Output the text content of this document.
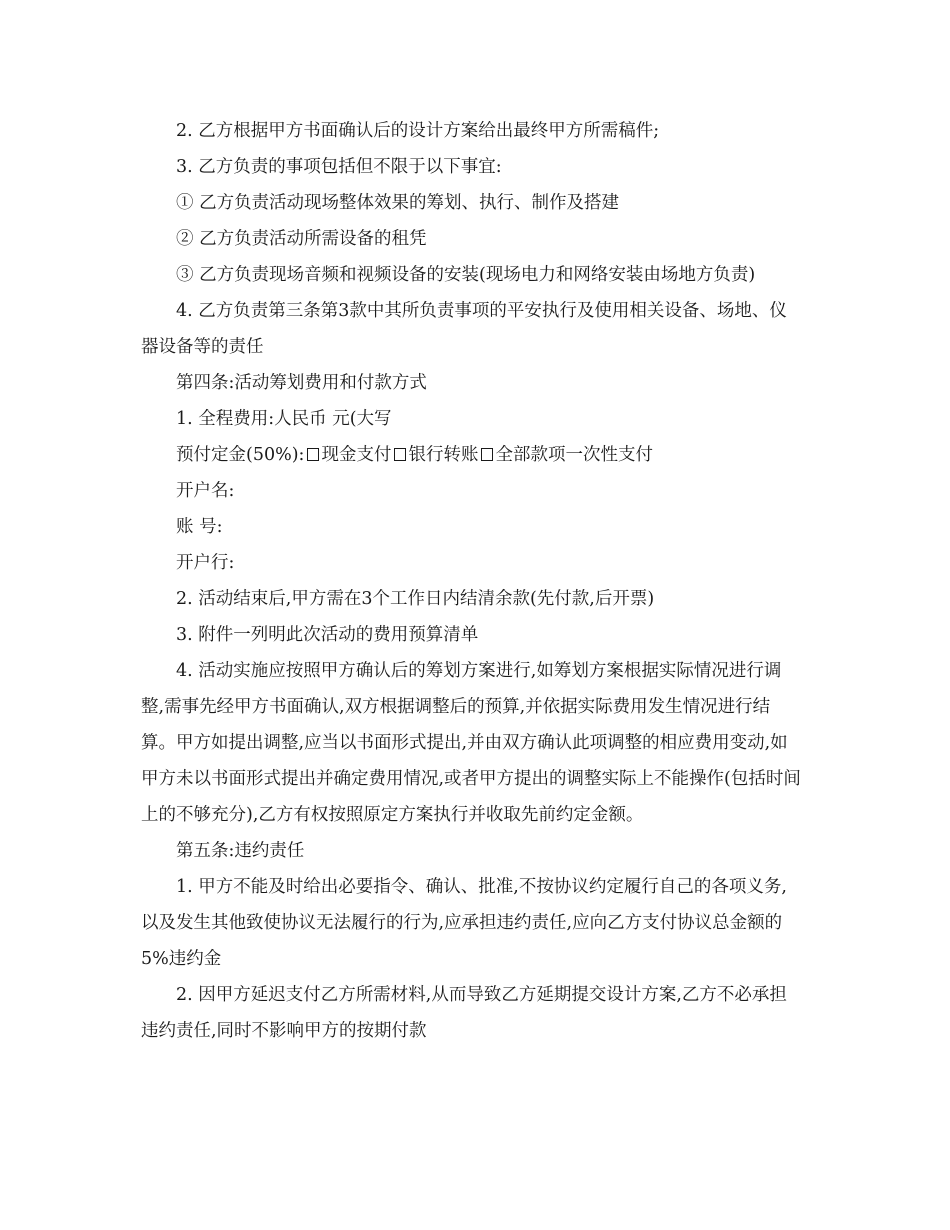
2. 乙方根据甲方书面确认后的设计方案给出最终甲方所需稿件;

3. 乙方负责的事项包括但不限于以下事宜:

① 乙方负责活动现场整体效果的筹划、执行、制作及搭建

② 乙方负责活动所需设备的租凭

③ 乙方负责现场音频和视频设备的安装(现场电力和网络安装由场地方负责)

4. 乙方负责第三条第3款中其所负责事项的平安执行及使用相关设备、场地、仪器设备等的责任

第四条:活动筹划费用和付款方式

1. 全程费用:人民币 元(大写

预付定金(50%): 现金支付 银行转账 全部款项一次性支付

开户名:

账 号:

开户行:

2. 活动结束后,甲方需在3个工作日内结清余款(先付款,后开票)

3. 附件一列明此次活动的费用预算清单

4. 活动实施应按照甲方确认后的筹划方案进行,如筹划方案根据实际情况进行调整,需事先经甲方书面确认,双方根据调整后的预算,并依据实际费用发生情况进行结算。甲方如提出调整,应当以书面形式提出,并由双方确认此项调整的相应费用变动,如甲方未以书面形式提出并确定费用情况,或者甲方提出的调整实际上不能操作(包括时间上的不够充分),乙方有权按照原定方案执行并收取先前约定金额。

第五条:违约责任

1. 甲方不能及时给出必要指令、确认、批准,不按协议约定履行自己的各项义务,以及发生其他致使协议无法履行的行为,应承担违约责任,应向乙方支付协议总金额的5%违约金

2. 因甲方延迟支付乙方所需材料,从而导致乙方延期提交设计方案,乙方不必承担违约责任,同时不影响甲方的按期付款
